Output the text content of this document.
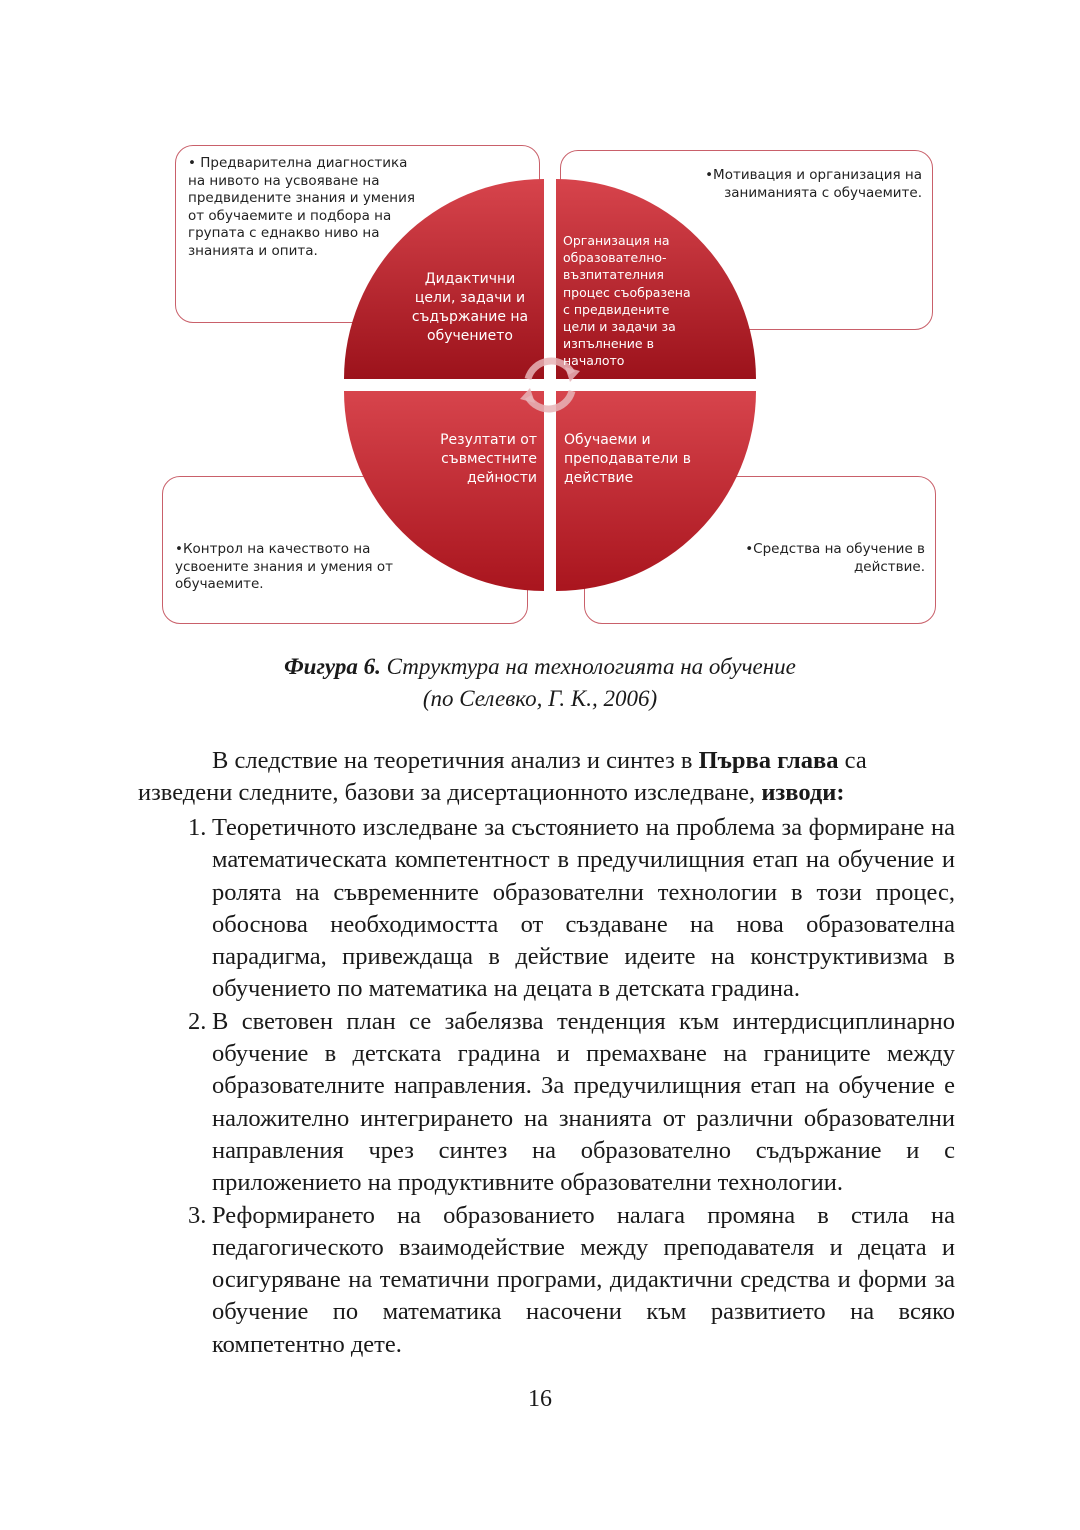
• Предварителна диагностика на нивото на усвояване на предвидените знания и умения от обучаемите и подбора на групата с еднакво ниво на знанията и опита.
•Мотивация и организация на заниманията с обучаемите.
•Контрол на качеството на усвоените знания и умения от обучаемите.
•Средства на обучение в действие.
Дидактични цели, задачи и съдържание на обучението
Организация на образователно-възпитателния процес съобразена с предвидените цели и задачи за изпълнение в началото
Резултати от съвместните дейности
Обучаеми и преподаватели в действие
Фигура 6. Структура на технологията на обучение
(по Селевко, Г. К., 2006)
В следствие на теоретичния анализ и синтез в Първа глава са изведени следните, базови за дисертационното изследване, изводи:
1. Теоретичното изследване за състоянието на проблема за формиране на математическата компетентност в предучилищния етап на обучение и ролята на съвременните образователни технологии в този процес, обоснова необходимостта от създаване на нова образователна парадигма, привеждаща в действие идеите на конструктивизма в обучението по математика на децата в детската градина.
2. В световен план се забелязва тенденция към интердисциплинарно обучение в детската градина и премахване на границите между образователните направления. За предучилищния етап на обучение е наложително интегрирането на знанията от различни образователни направления чрез синтез на образователно съдържание и с приложението на продуктивните образователни технологии.
3. Реформирането на образованието налага промяна в стила на педагогическото взаимодействие между преподавателя и децата и осигуряване на тематични програми, дидактични средства и форми за обучение по математика насочени към развитието на всяко компетентно дете.
16
